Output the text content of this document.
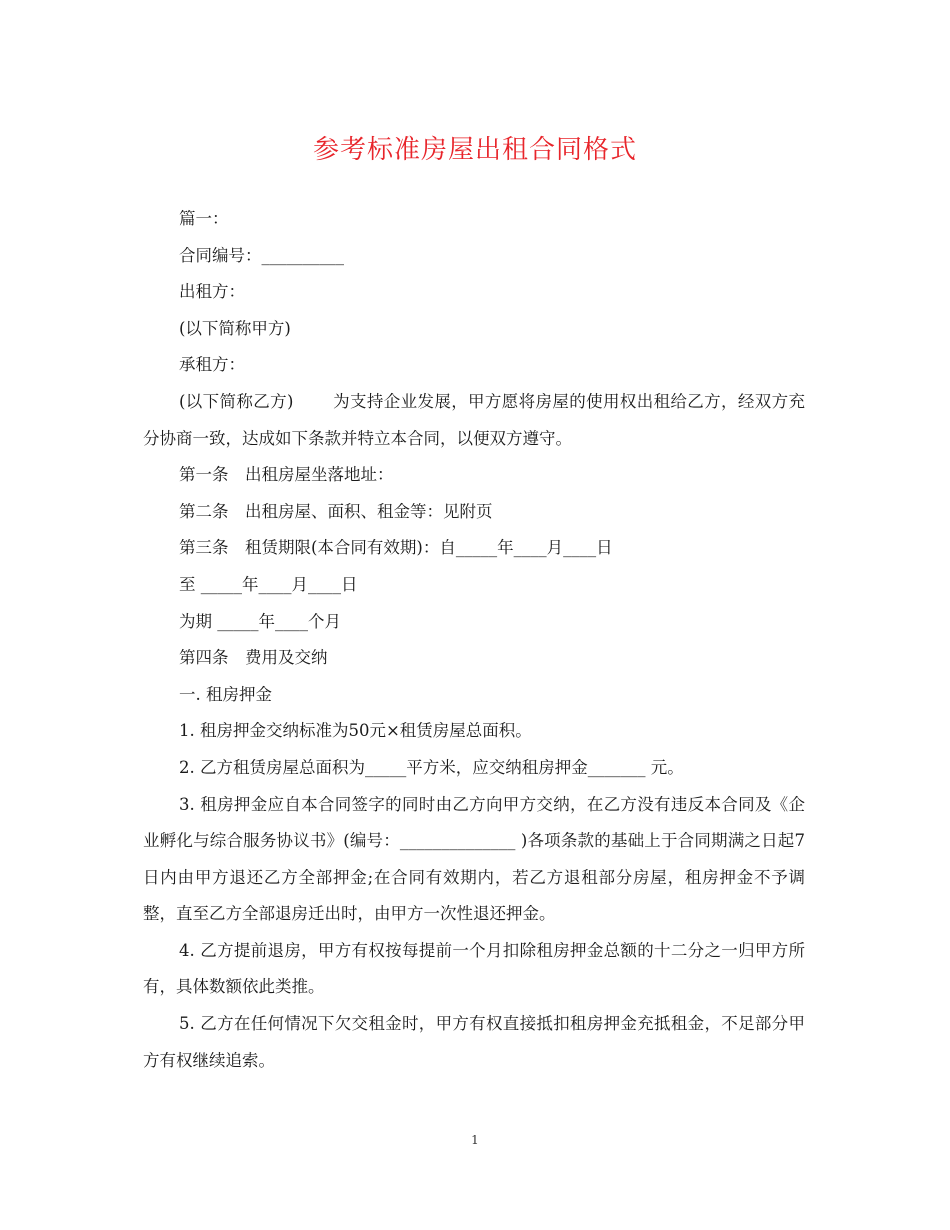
参考标准房屋出租合同格式

篇一：

合同编号：__________

出租方：

(以下简称甲方)

承租方：

(以下简称乙方)　　 为支持企业发展，甲方愿将房屋的使用权出租给乙方，经双方充分协商一致，达成如下条款并特立本合同，以便双方遵守。

第一条　出租房屋坐落地址：

第二条　出租房屋、面积、租金等：见附页

第三条　租赁期限(本合同有效期)：自_____年____月____日

至 _____年____月____日

为期 _____年____个月

第四条　费用及交纳

一. 租房押金

1. 租房押金交纳标准为50元×租赁房屋总面积。

2. 乙方租赁房屋总面积为_____平方米，应交纳租房押金_______ 元。

3. 租房押金应自本合同签字的同时由乙方向甲方交纳，在乙方没有违反本合同及《企业孵化与综合服务协议书》(编号：______________ )各项条款的基础上于合同期满之日起7日内由甲方退还乙方全部押金;在合同有效期内，若乙方退租部分房屋，租房押金不予调整，直至乙方全部退房迁出时，由甲方一次性退还押金。

4. 乙方提前退房，甲方有权按每提前一个月扣除租房押金总额的十二分之一归甲方所有，具体数额依此类推。

5. 乙方在任何情况下欠交租金时，甲方有权直接抵扣租房押金充抵租金，不足部分甲方有权继续追索。

1
